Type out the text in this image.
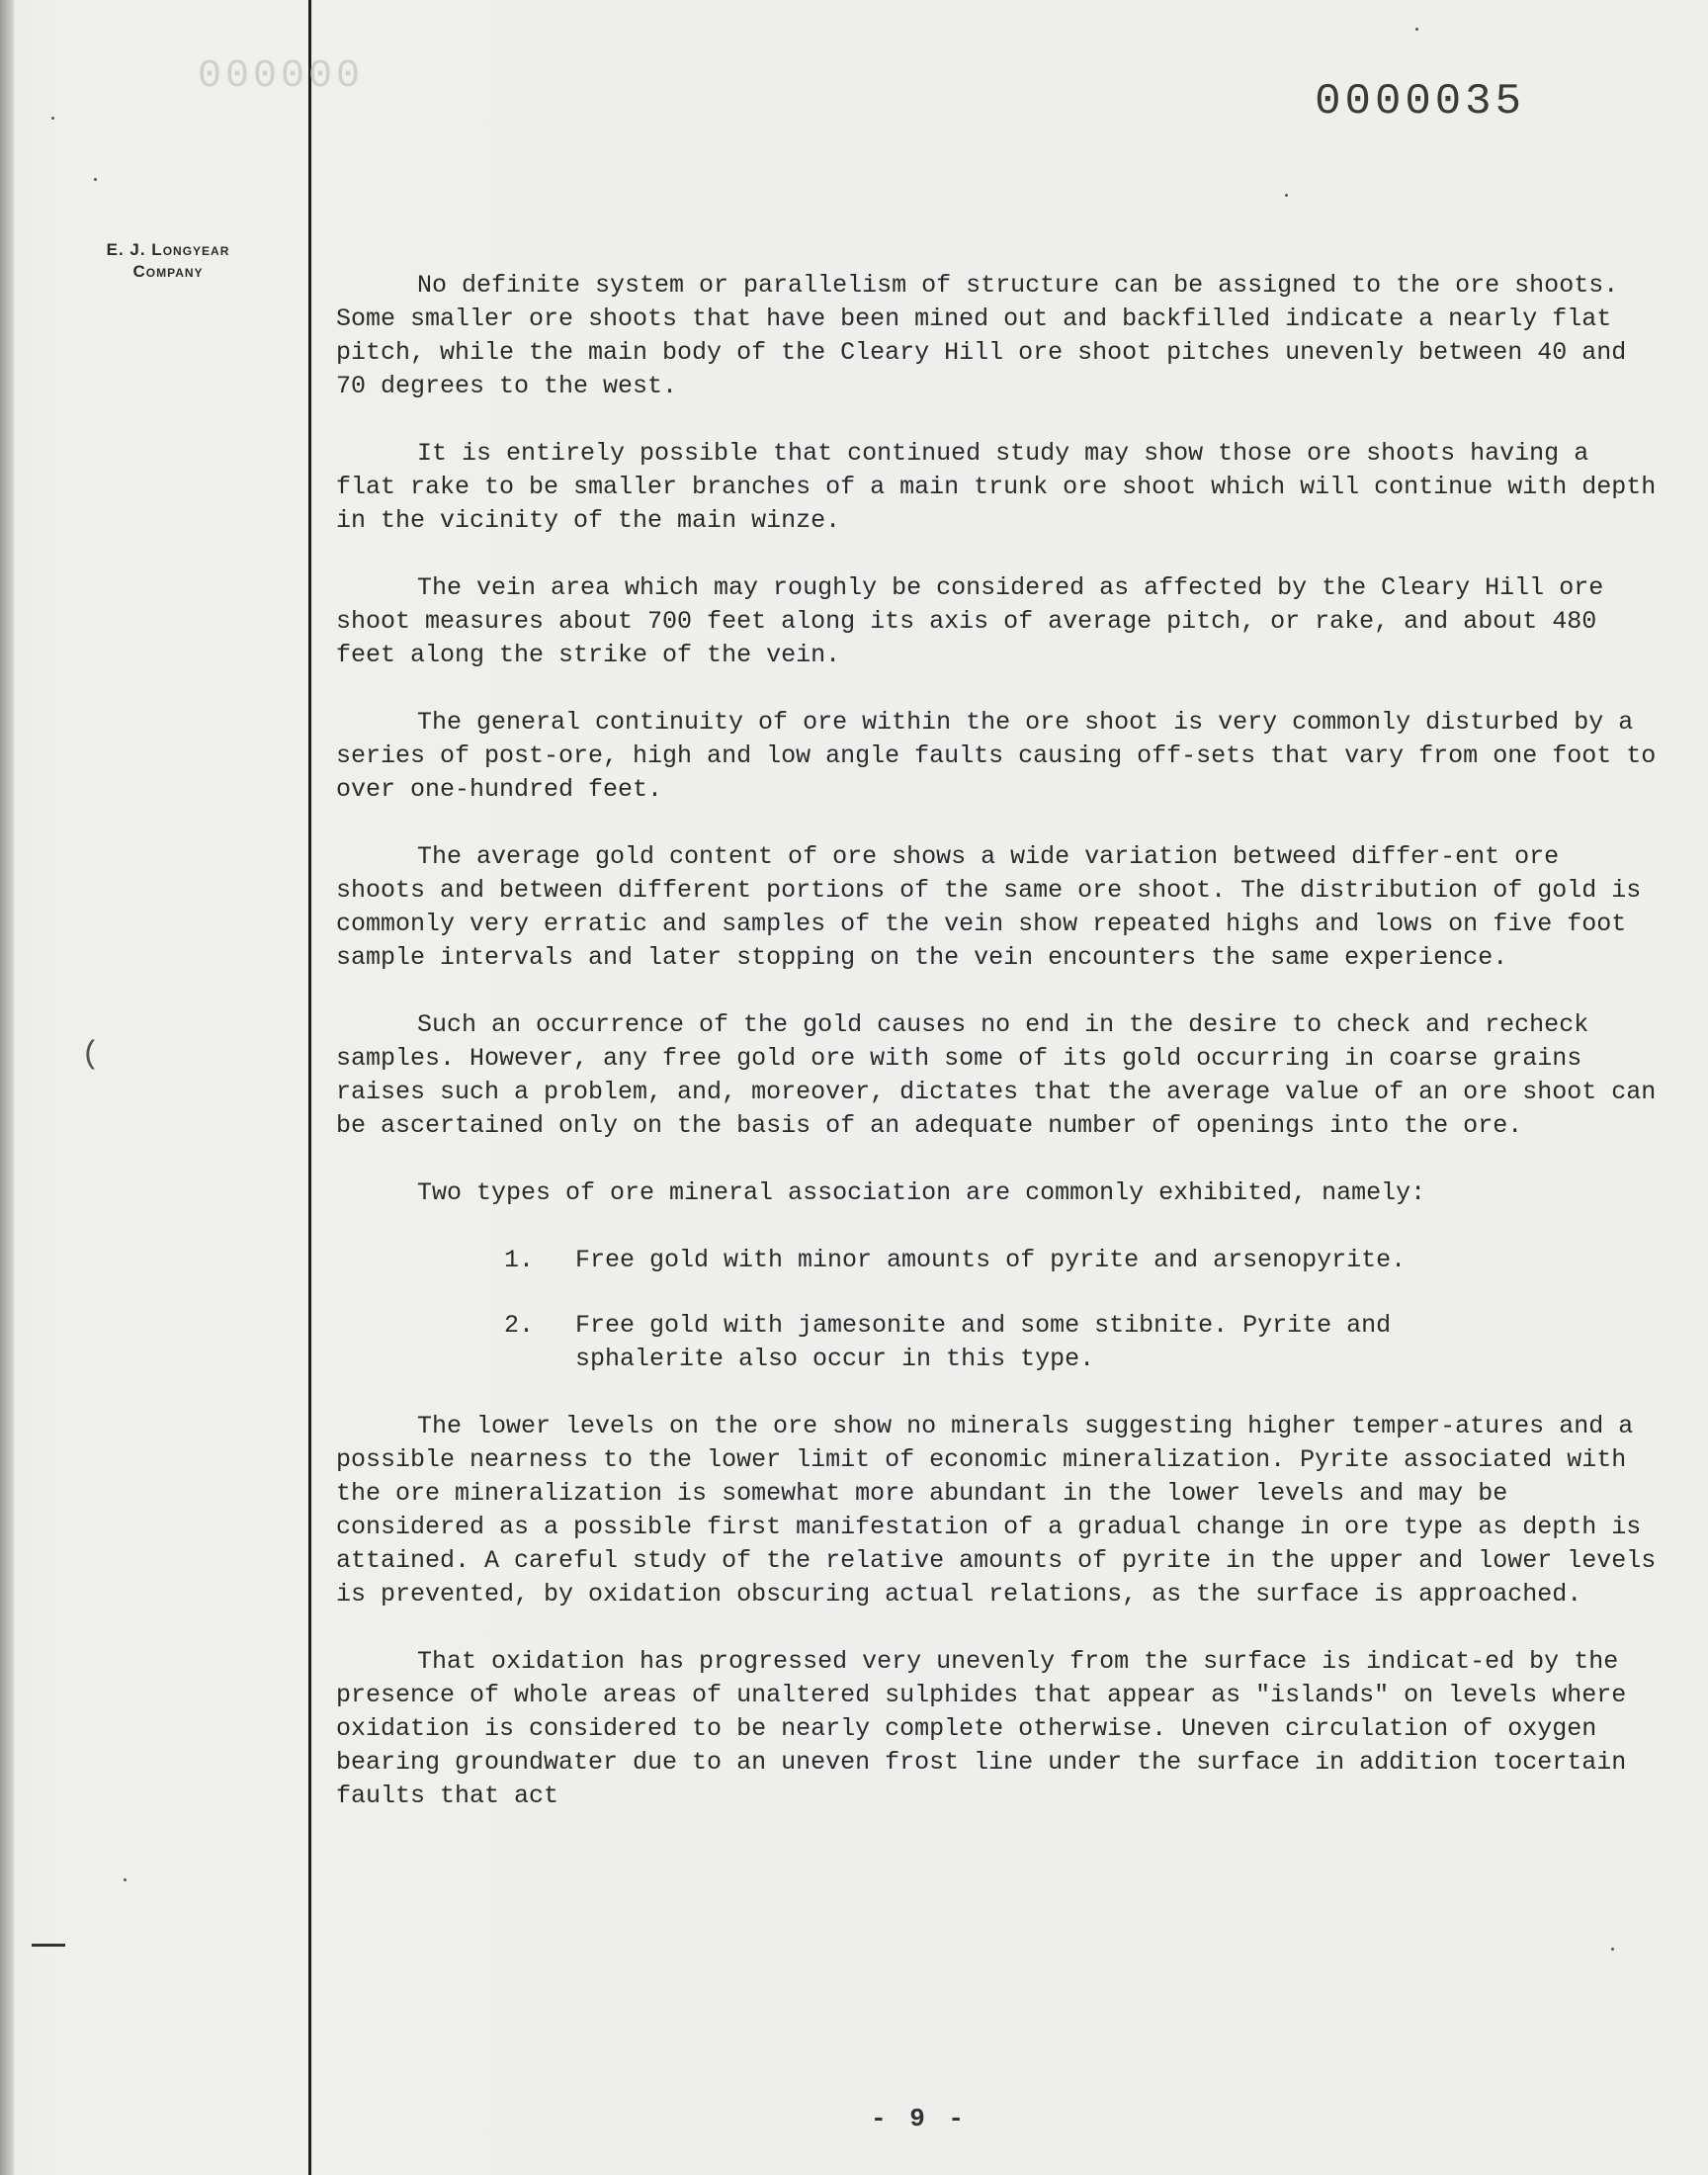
000000
0000035
E. J. Longyear
Company
(

No definite system or parallelism of structure can be assigned to the ore shoots. Some smaller ore shoots that have been mined out and backfilled indicate a nearly flat pitch, while the main body of the Cleary Hill ore shoot pitches unevenly between 40 and 70 degrees to the west.

It is entirely possible that continued study may show those ore shoots having a flat rake to be smaller branches of a main trunk ore shoot which will continue with depth in the vicinity of the main winze.

The vein area which may roughly be considered as affected by the Cleary Hill ore shoot measures about 700 feet along its axis of average pitch, or rake, and about 480 feet along the strike of the vein.

The general continuity of ore within the ore shoot is very commonly disturbed by a series of post-ore, high and low angle faults causing off-sets that vary from one foot to over one-hundred feet.

The average gold content of ore shows a wide variation betweed differ-ent ore shoots and between different portions of the same ore shoot. The distribution of gold is commonly very erratic and samples of the vein show repeated highs and lows on five foot sample intervals and later stopping on the vein encounters the same experience.

Such an occurrence of the gold causes no end in the desire to check and recheck samples. However, any free gold ore with some of its gold occurring in coarse grains raises such a problem, and, moreover, dictates that the average value of an ore shoot can be ascertained only on the basis of an adequate number of openings into the ore.

Two types of ore mineral association are commonly exhibited, namely:

1.	Free gold with minor amounts of pyrite and arsenopyrite.
2.	Free gold with jamesonite and some stibnite. Pyrite and sphalerite also occur in this type.

The lower levels on the ore show no minerals suggesting higher temper-atures and a possible nearness to the lower limit of economic mineralization. Pyrite associated with the ore mineralization is somewhat more abundant in the lower levels and may be considered as a possible first manifestation of a gradual change in ore type as depth is attained. A careful study of the relative amounts of pyrite in the upper and lower levels is prevented, by oxidation obscuring actual relations, as the surface is approached.

That oxidation has progressed very unevenly from the surface is indicat-ed by the presence of whole areas of unaltered sulphides that appear as "islands" on levels where oxidation is considered to be nearly complete otherwise. Uneven circulation of oxygen bearing groundwater due to an uneven frost line under the surface in addition tocertain faults that act

- 9 -
